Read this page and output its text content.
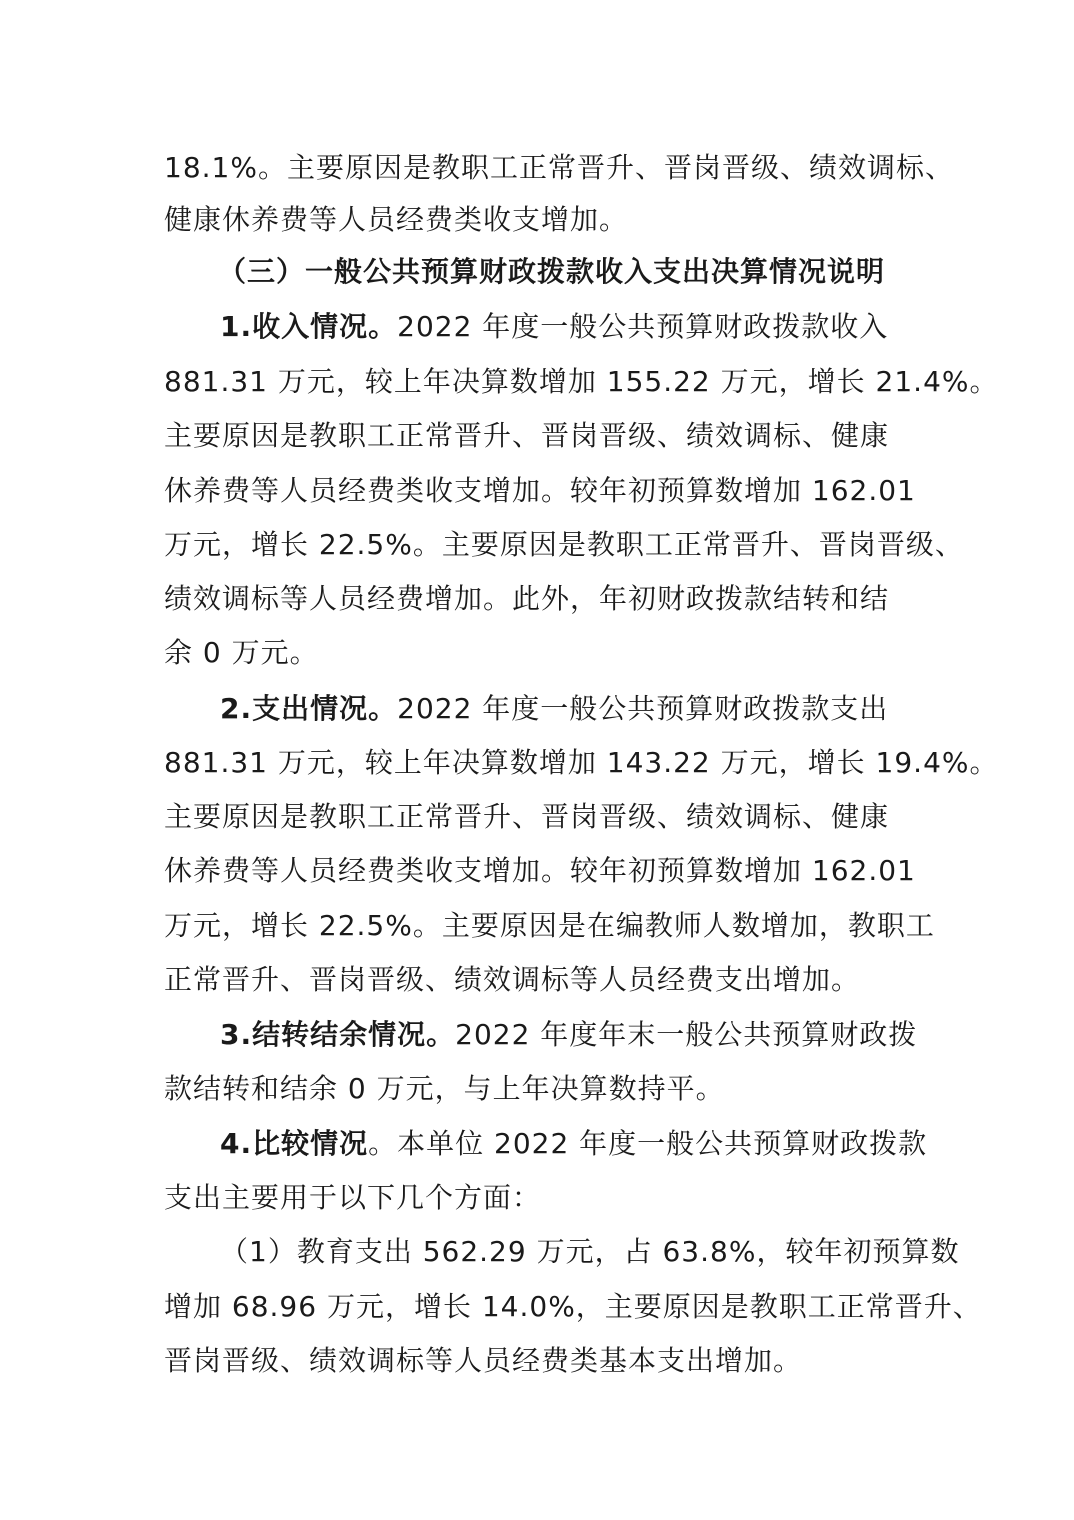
18.1%。主要原因是教职工正常晋升、晋岗晋级、绩效调标、
健康休养费等人员经费类收支增加。
（三）一般公共预算财政拨款收入支出决算情况说明
1.收入情况。2022 年度一般公共预算财政拨款收入
881.31 万元，较上年决算数增加 155.22 万元，增长 21.4%。
主要原因是教职工正常晋升、晋岗晋级、绩效调标、健康
休养费等人员经费类收支增加。较年初预算数增加 162.01
万元，增长 22.5%。主要原因是教职工正常晋升、晋岗晋级、
绩效调标等人员经费增加。此外，年初财政拨款结转和结
余 0 万元。
2.支出情况。2022 年度一般公共预算财政拨款支出
881.31 万元，较上年决算数增加 143.22 万元，增长 19.4%。
主要原因是教职工正常晋升、晋岗晋级、绩效调标、健康
休养费等人员经费类收支增加。较年初预算数增加 162.01
万元，增长 22.5%。主要原因是在编教师人数增加，教职工
正常晋升、晋岗晋级、绩效调标等人员经费支出增加。
3.结转结余情况。2022 年度年末一般公共预算财政拨
款结转和结余 0 万元，与上年决算数持平。
4.比较情况。本单位 2022 年度一般公共预算财政拨款
支出主要用于以下几个方面：
（1）教育支出 562.29 万元，占 63.8%，较年初预算数
增加 68.96 万元，增长 14.0%，主要原因是教职工正常晋升、
晋岗晋级、绩效调标等人员经费类基本支出增加。
